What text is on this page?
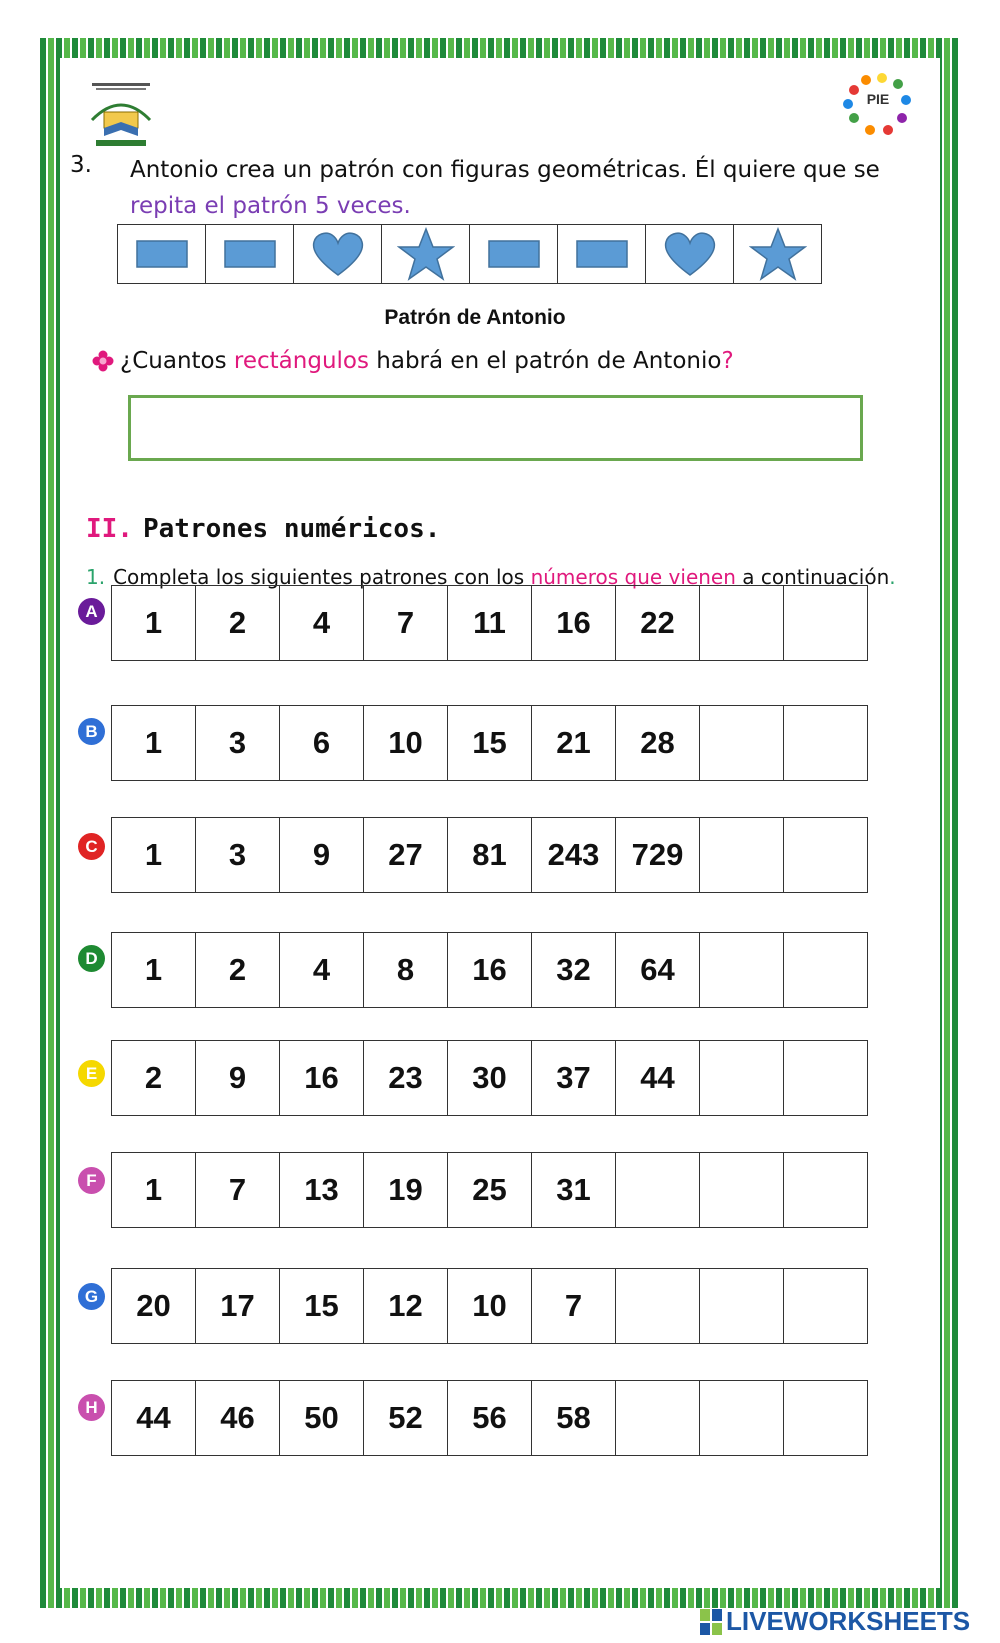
PIE
3. Antonio crea un patrón con figuras geométricas. Él quiere que se
repita el patrón 5 veces.
Patrón de Antonio
¿Cuantos rectángulos habrá en el patrón de Antonio?
II. Patrones numéricos.
1. Completa los siguientes patrones con los números que vienen a continuación.
A	1	2	4	7	11	16	22
B	1	3	6	10	15	21	28
C	1	3	9	27	81	243	729
D	1	2	4	8	16	32	64
E	2	9	16	23	30	37	44
F	1	7	13	19	25	31
G	20	17	15	12	10	7
H	44	46	50	52	56	58
LIVEWORKSHEETS
